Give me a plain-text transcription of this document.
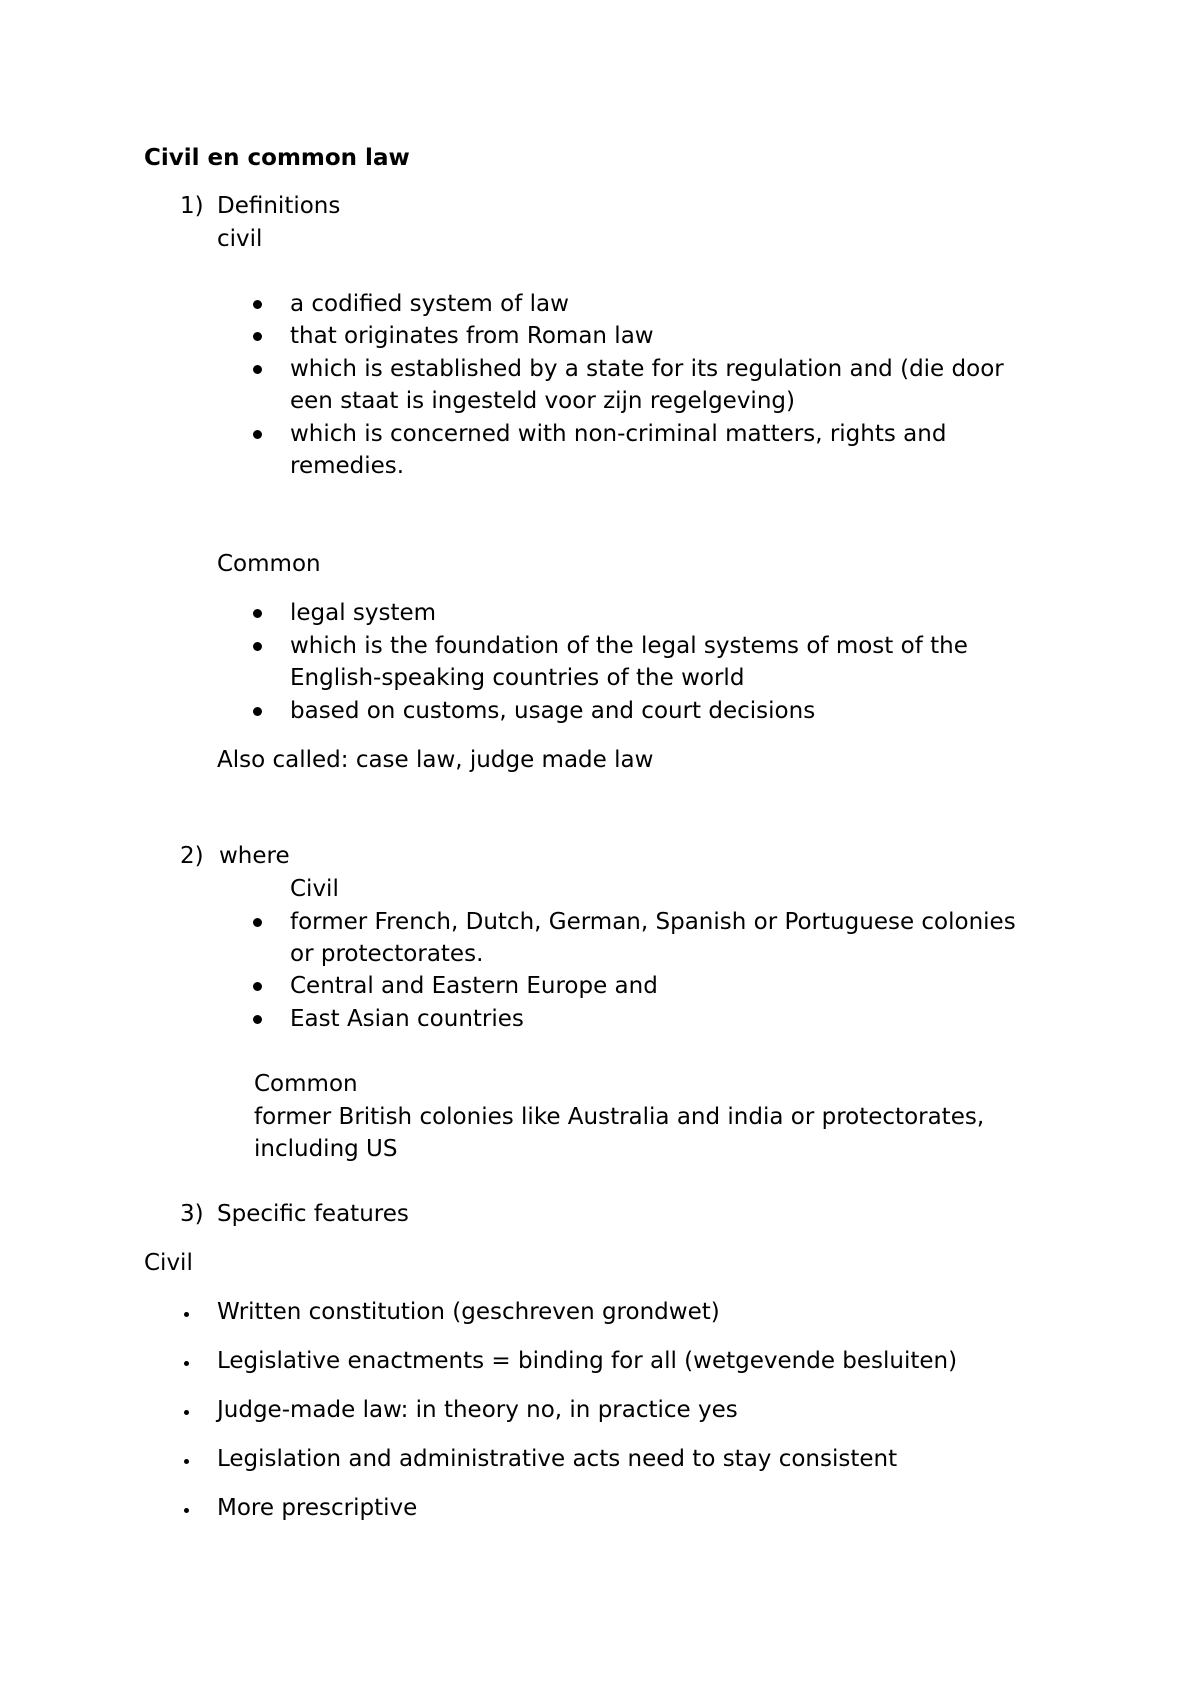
Civil en common law
1) Definitions
civil
a codified system of law
that originates from Roman law
which is established by a state for its regulation and (die door
een staat is ingesteld voor zijn regelgeving)
which is concerned with non-criminal matters, rights and
remedies.
Common
legal system
which is the foundation of the legal systems of most of the
English-speaking countries of the world
based on customs, usage and court decisions
Also called: case law, judge made law
2) where
Civil
former French, Dutch, German, Spanish or Portuguese colonies
or protectorates.
Central and Eastern Europe and
East Asian countries
Common
former British colonies like Australia and india or protectorates,
including US
3) Specific features
Civil
Written constitution (geschreven grondwet)
Legislative enactments = binding for all (wetgevende besluiten)
Judge-made law: in theory no, in practice yes
Legislation and administrative acts need to stay consistent
More prescriptive
